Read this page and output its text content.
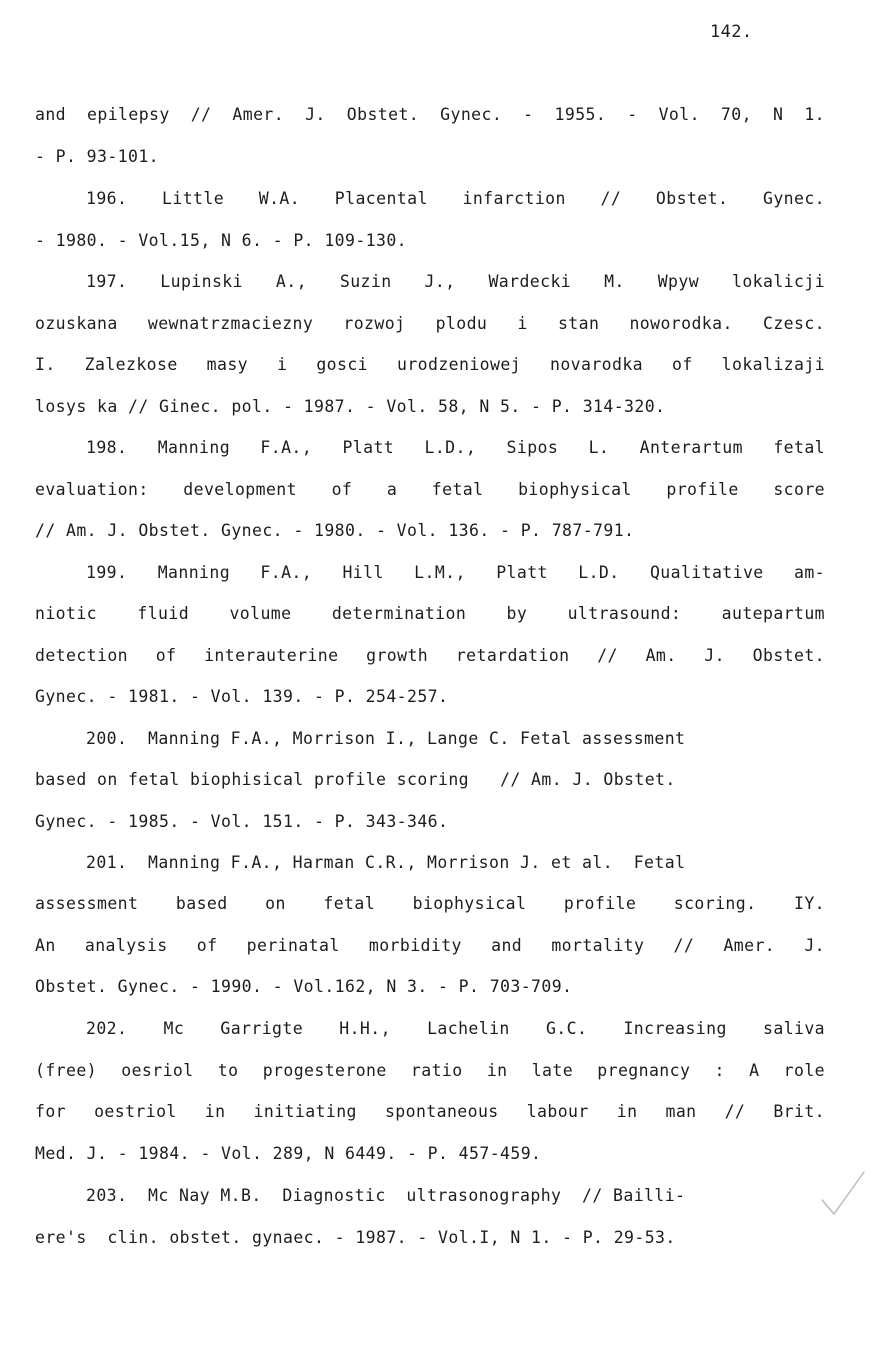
142.
and epilepsy // Amer. J. Obstet. Gynec. - 1955. - Vol. 70, N 1.
- P. 93-101.
196. Little W.A. Placental infarction // Obstet. Gynec.
- 1980. - Vol.15, N 6. - P. 109-130.
197. Lupinski A., Suzin J., Wardecki M. Wpyw lokalicji
ozuskana wewnatrzmaciezny rozwoj plodu i stan noworodka. Czesc.
I. Zalezkose masy i gosci urodzeniowej novarodka of lokalizaji
losys ka // Ginec. pol. - 1987. - Vol. 58, N 5. - P. 314-320.
198. Manning F.A., Platt L.D., Sipos L. Anterartum fetal
evaluation: development of a fetal biophysical profile score
// Am. J. Obstet. Gynec. - 1980. - Vol. 136. - P. 787-791.
199. Manning F.A., Hill L.M., Platt L.D. Qualitative am-
niotic fluid volume determination by ultrasound: autepartum
detection of interauterine growth retardation // Am. J. Obstet.
Gynec. - 1981. - Vol. 139. - P. 254-257.
200.  Manning F.A., Morrison I., Lange C. Fetal assessment
based on fetal biophisical profile scoring   // Am. J. Obstet.
Gynec. - 1985. - Vol. 151. - P. 343-346.
201.  Manning F.A., Harman C.R., Morrison J. et al.  Fetal
assessment based on fetal biophysical profile scoring. IY.
An analysis of perinatal morbidity and mortality // Amer. J.
Obstet. Gynec. - 1990. - Vol.162, N 3. - P. 703-709.
202. Mc Garrigte H.H., Lachelin G.C. Increasing saliva
(free) oesriol to progesterone ratio in late pregnancy : A role
for oestriol in initiating spontaneous labour in man // Brit.
Med. J. - 1984. - Vol. 289, N 6449. - P. 457-459.
203.  Mc Nay M.B.  Diagnostic  ultrasonography  // Bailli-
ere's  clin. obstet. gynaec. - 1987. - Vol.I, N 1. - P. 29-53.
